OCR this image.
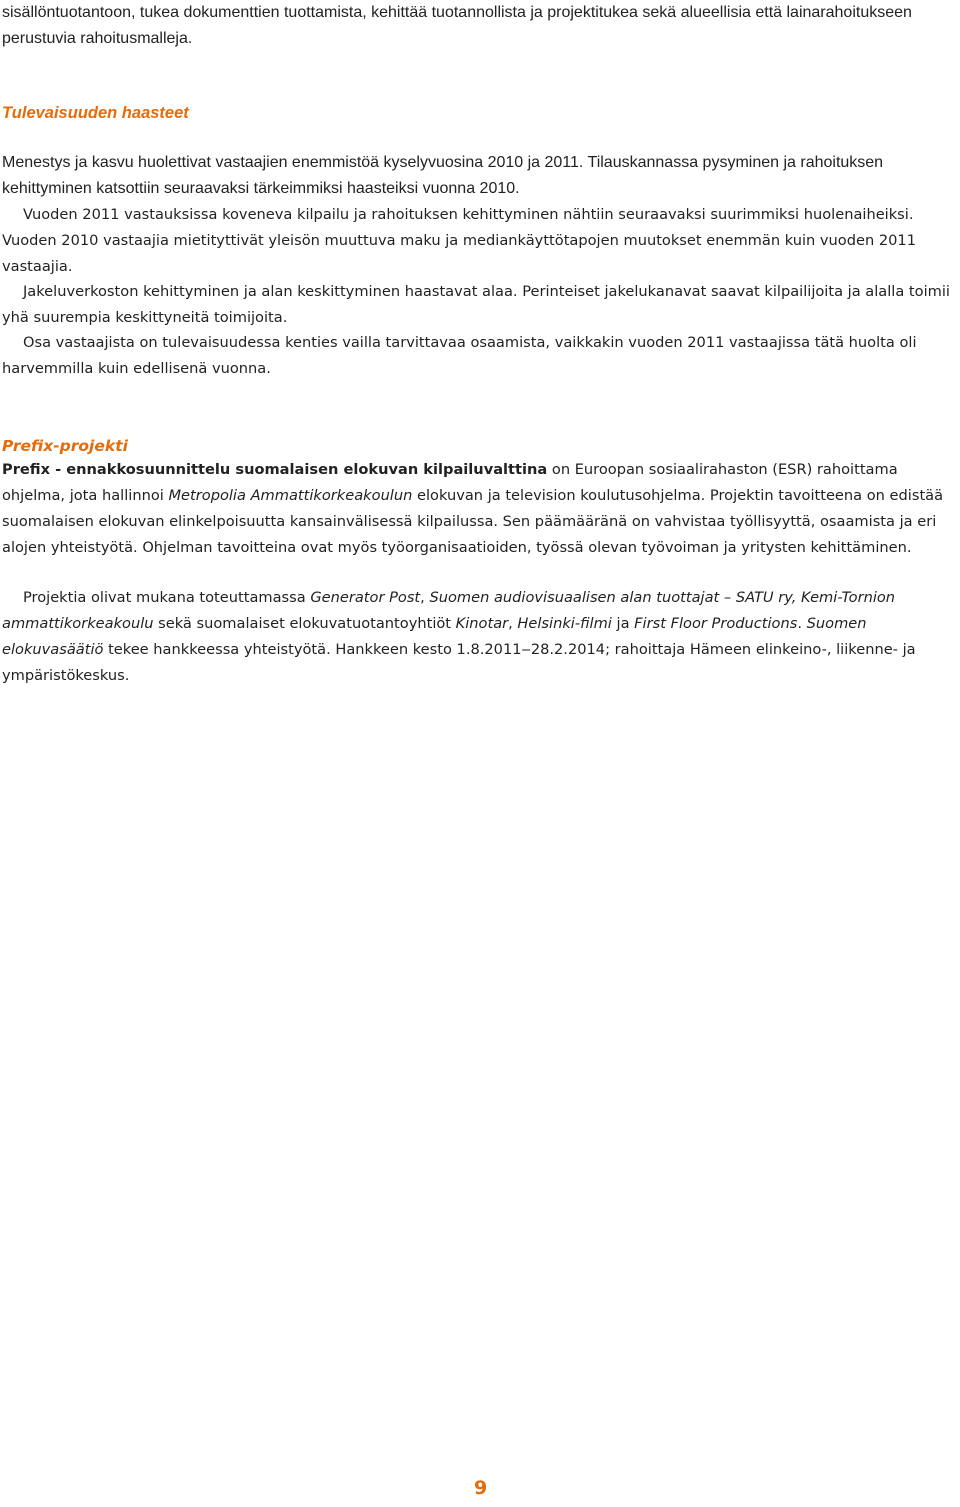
sisällöntuotantoon, tukea dokumenttien tuottamista, kehittää tuotannollista ja projektitukea sekä alueellisia että lainarahoitukseen perustuvia rahoitusmalleja.

Tulevaisuuden haasteet

Menestys ja kasvu huolettivat vastaajien enemmistöä kyselyvuosina 2010 ja 2011. Tilauskannassa pysyminen ja rahoituksen kehittyminen katsottiin seuraavaksi tärkeimmiksi haasteiksi vuonna 2010.

Vuoden 2011 vastauksissa koveneva kilpailu ja rahoituksen kehittyminen nähtiin seuraavaksi suurimmiksi huolenaiheiksi. Vuoden 2010 vastaajia mietityttivät yleisön muuttuva maku ja mediankäyttötapojen muutokset enemmän kuin vuoden 2011 vastaajia.

Jakeluverkoston kehittyminen ja alan keskittyminen haastavat alaa. Perinteiset jakelukanavat saavat kilpailijoita ja alalla toimii yhä suurempia keskittyneitä toimijoita.

Osa vastaajista on tulevaisuudessa kenties vailla tarvittavaa osaamista, vaikkakin vuoden 2011 vastaajissa tätä huolta oli harvemmilla kuin edellisenä vuonna.

Prefix-projekti

Prefix - ennakkosuunnittelu suomalaisen elokuvan kilpailuvalttina on Euroopan sosiaalirahaston (ESR) rahoittama ohjelma, jota hallinnoi Metropolia Ammattikorkeakoulun elokuvan ja television koulutusohjelma. Projektin tavoitteena on edistää suomalaisen elokuvan elinkelpoisuutta kansainvälisessä kilpailussa. Sen päämääränä on vahvistaa työllisyyttä, osaamista ja eri alojen yhteistyötä. Ohjelman tavoitteina ovat myös työorganisaatioiden, työssä olevan työvoiman ja yritysten kehittäminen.

Projektia olivat mukana toteuttamassa Generator Post, Suomen audiovisuaalisen alan tuottajat – SATU ry, Kemi-Tornion ammattikorkeakoulu sekä suomalaiset elokuvatuotantoyhtiöt Kinotar, Helsinki-filmi ja First Floor Productions. Suomen elokuvasäätiö tekee hankkeessa yhteistyötä. Hankkeen kesto 1.8.2011‒28.2.2014; rahoittaja Hämeen elinkeino-, liikenne- ja ympäristökeskus.

9
